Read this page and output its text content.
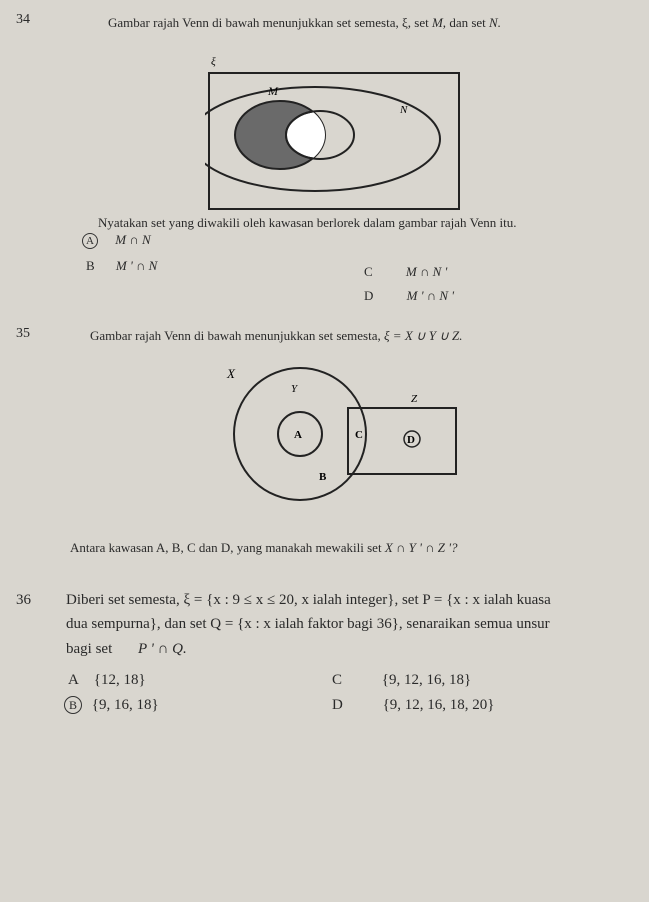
34	Gambar rajah Venn di bawah menunjukkan set semesta, ξ, set M, dan set N.
ξ
M
N
Nyatakan set yang diwakili oleh kawasan berlorek dalam gambar rajah Venn itu.
A M ∩ N
B M ' ∩ N	C	M ∩ N '
D	M ' ∩ N '
35	Gambar rajah Venn di bawah menunjukkan set semesta, ξ = X ∪ Y ∪ Z.
X
Y
Z
A	C	D
B
Antara kawasan A, B, C dan D, yang manakah mewakili set X ∩ Y ' ∩ Z '?
36 Diberi set semesta, ξ = {x : 9 ≤ x ≤ 20, x ialah integer}, set P = {x : x ialah kuasa
dua sempurna}, dan set Q = {x : x ialah faktor bagi 36}, senaraikan semua unsur
bagi set P ' ∩ Q.
A {12, 18}
B {9, 16, 18}
C	{9, 12, 16, 18}
D	{9, 12, 16, 18, 20}
